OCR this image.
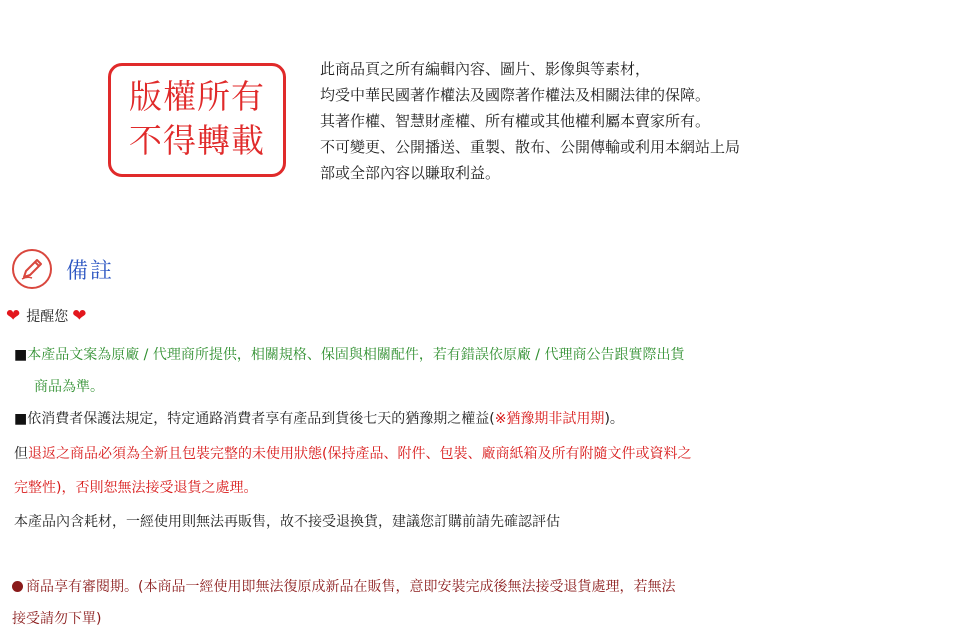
版權所有
不得轉載
此商品頁之所有編輯內容、圖片、影像與等素材，
均受中華民國著作權法及國際著作權法及相關法律的保障。
其著作權、智慧財產權、所有權或其他權利屬本賣家所有。
不可變更、公開播送、重製、散布、公開傳輸或利用本網站上局
部或全部內容以賺取利益。
備註
❤ 提醒您 ❤
■本產品文案為原廠 / 代理商所提供，相關規格、保固與相關配件，若有錯誤依原廠 / 代理商公告跟實際出貨
商品為準。
■依消費者保護法規定，特定通路消費者享有產品到貨後七天的猶豫期之權益(※猶豫期非試用期)。
但退返之商品必須為全新且包裝完整的未使用狀態(保持產品、附件、包裝、廠商紙箱及所有附隨文件或資料之
完整性)，否則恕無法接受退貨之處理。
本產品內含耗材，一經使用則無法再販售，故不接受退換貨，建議您訂購前請先確認評估
商品享有審閱期。(本商品一經使用即無法復原成新品在販售，意即安裝完成後無法接受退貨處理，若無法
接受請勿下單)
